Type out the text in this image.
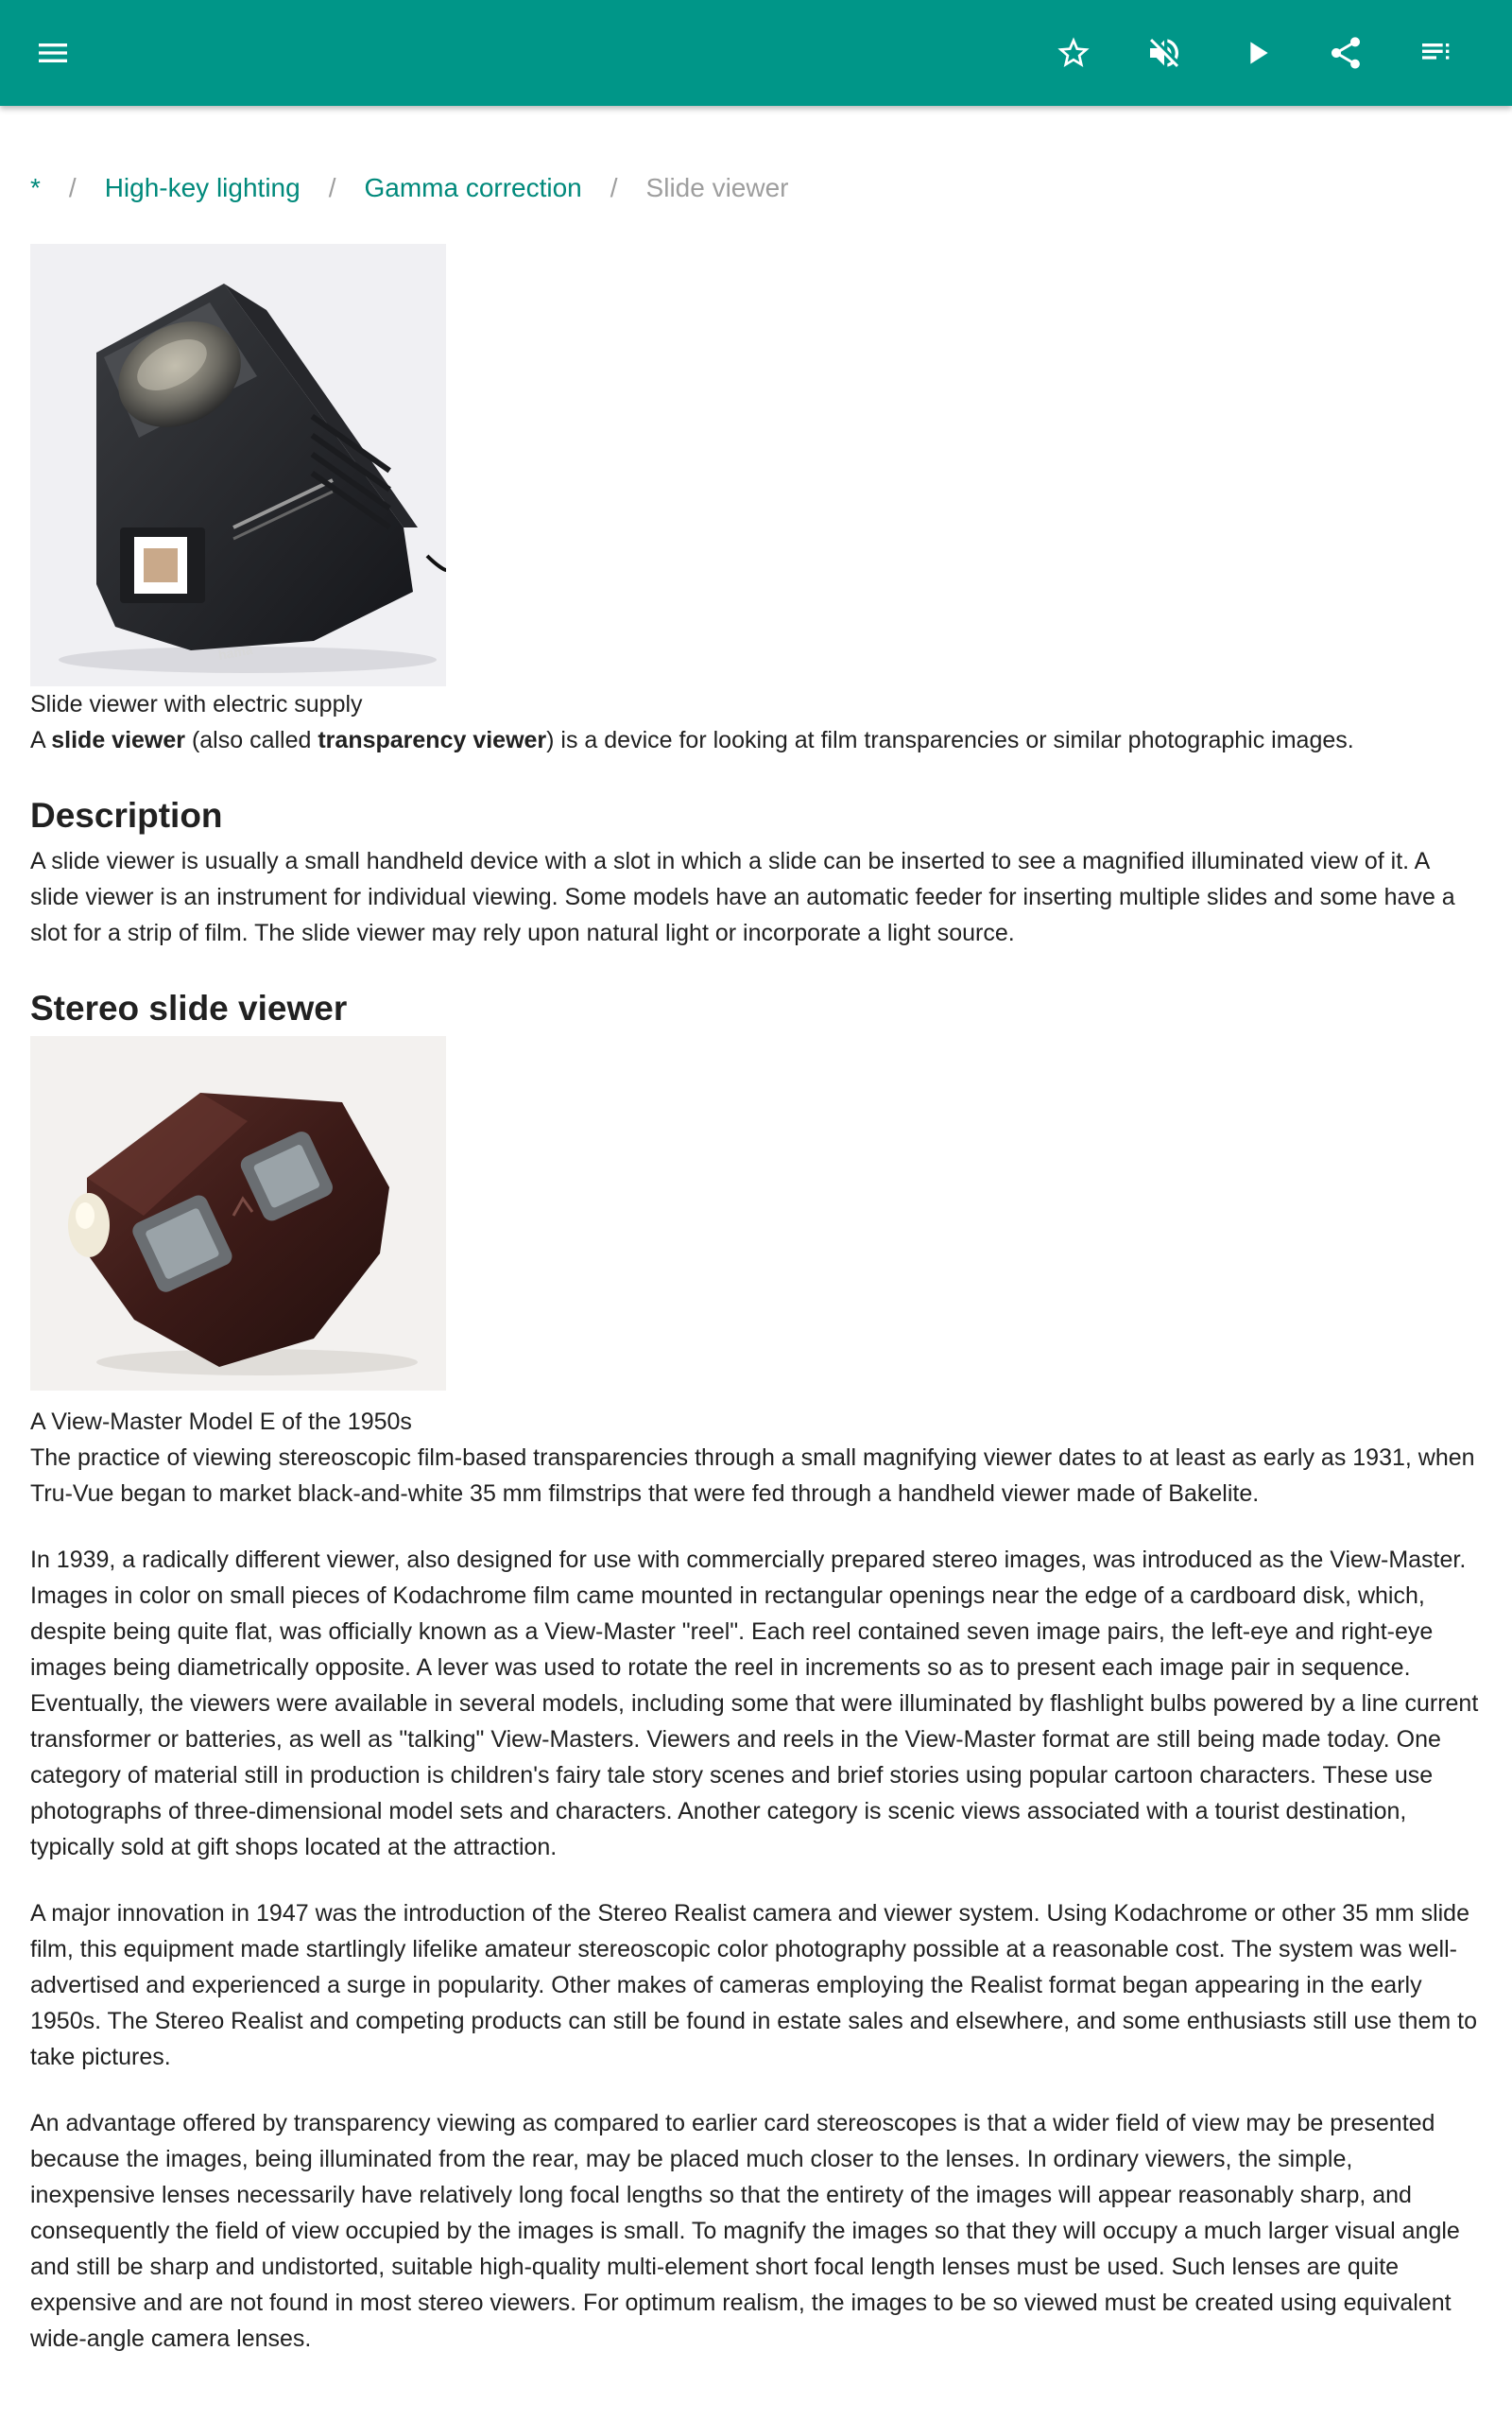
* / High-key lighting / Gamma correction / Slide viewer
hama
Slide viewer with electric supply

A slide viewer (also called transparency viewer) is a device for looking at film transparencies or similar photographic images.

Description

A slide viewer is usually a small handheld device with a slot in which a slide can be inserted to see a magnified illuminated view of it. A slide viewer is an instrument for individual viewing. Some models have an automatic feeder for inserting multiple slides and some have a slot for a strip of film. The slide viewer may rely upon natural light or incorporate a light source.

Stereo slide viewer
A View-Master Model E of the 1950s

The practice of viewing stereoscopic film-based transparencies through a small magnifying viewer dates to at least as early as 1931, when Tru-Vue began to market black-and-white 35 mm filmstrips that were fed through a handheld viewer made of Bakelite.

In 1939, a radically different viewer, also designed for use with commercially prepared stereo images, was introduced as the View-Master. Images in color on small pieces of Kodachrome film came mounted in rectangular openings near the edge of a cardboard disk, which, despite being quite flat, was officially known as a View-Master "reel". Each reel contained seven image pairs, the left-eye and right-eye images being diametrically opposite. A lever was used to rotate the reel in increments so as to present each image pair in sequence. Eventually, the viewers were available in several models, including some that were illuminated by flashlight bulbs powered by a line current transformer or batteries, as well as "talking" View-Masters. Viewers and reels in the View-Master format are still being made today. One category of material still in production is children's fairy tale story scenes and brief stories using popular cartoon characters. These use photographs of three-dimensional model sets and characters. Another category is scenic views associated with a tourist destination, typically sold at gift shops located at the attraction.

A major innovation in 1947 was the introduction of the Stereo Realist camera and viewer system. Using Kodachrome or other 35 mm slide film, this equipment made startlingly lifelike amateur stereoscopic color photography possible at a reasonable cost. The system was well-advertised and experienced a surge in popularity. Other makes of cameras employing the Realist format began appearing in the early 1950s. The Stereo Realist and competing products can still be found in estate sales and elsewhere, and some enthusiasts still use them to take pictures.

An advantage offered by transparency viewing as compared to earlier card stereoscopes is that a wider field of view may be presented because the images, being illuminated from the rear, may be placed much closer to the lenses. In ordinary viewers, the simple, inexpensive lenses necessarily have relatively long focal lengths so that the entirety of the images will appear reasonably sharp, and consequently the field of view occupied by the images is small. To magnify the images so that they will occupy a much larger visual angle and still be sharp and undistorted, suitable high-quality multi-element short focal length lenses must be used. Such lenses are quite expensive and are not found in most stereo viewers. For optimum realism, the images to be so viewed must be created using equivalent wide-angle camera lenses.
